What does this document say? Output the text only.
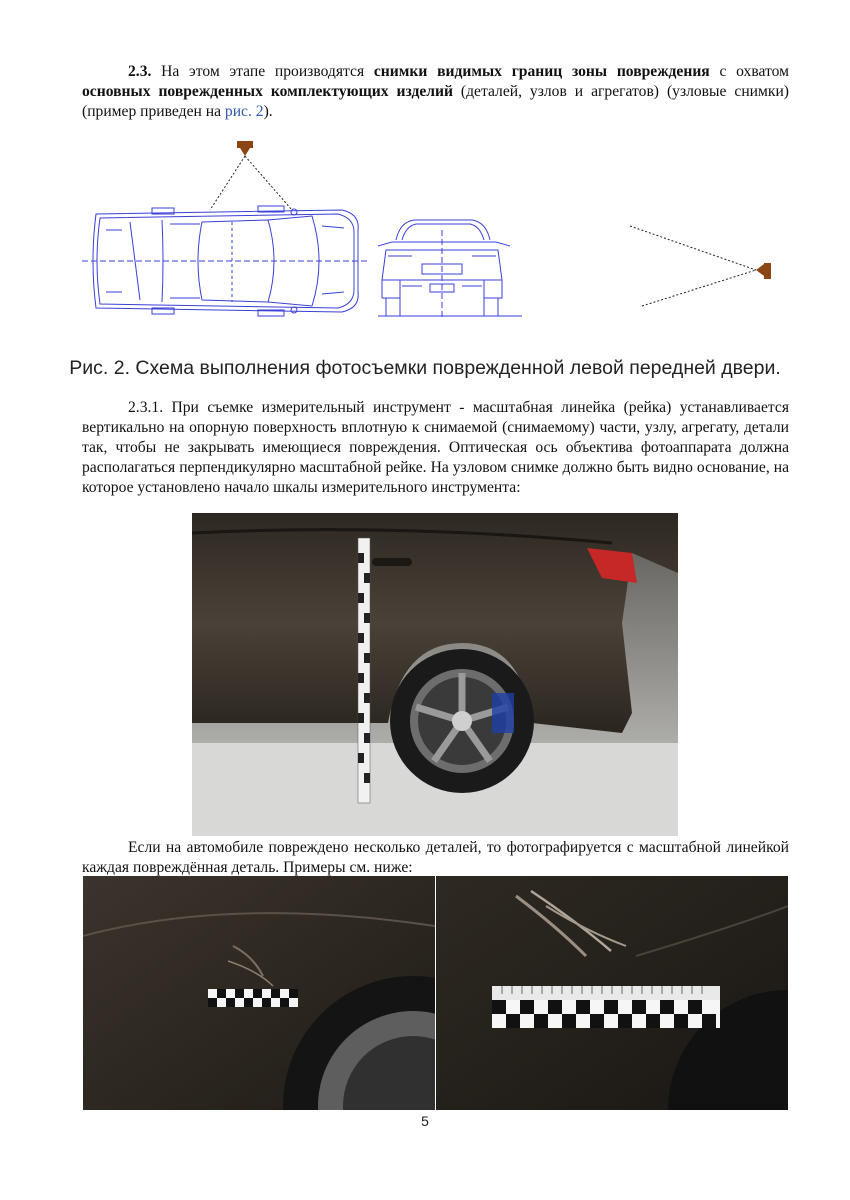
2.3. На этом этапе производятся снимки видимых границ зоны повреждения с охватом основных поврежденных комплектующих изделий (деталей, узлов и агрегатов) (узловые снимки) (пример приведен на рис. 2).

Рис. 2. Схема выполнения фотосъемки поврежденной левой передней двери.

2.3.1. При съемке измерительный инструмент - масштабная линейка (рейка) устанавливается вертикально на опорную поверхность вплотную к снимаемой (снимаемому) части, узлу, агрегату, детали так, чтобы не закрывать имеющиеся повреждения. Оптическая ось объектива фотоаппарата должна располагаться перпендикулярно масштабной рейке. На узловом снимке должно быть видно основание, на которое установлено начало шкалы измерительного инструмента:

Если на автомобиле повреждено несколько деталей, то фотографируется с масштабной линейкой каждая повреждённая деталь. Примеры см. ниже:

5
